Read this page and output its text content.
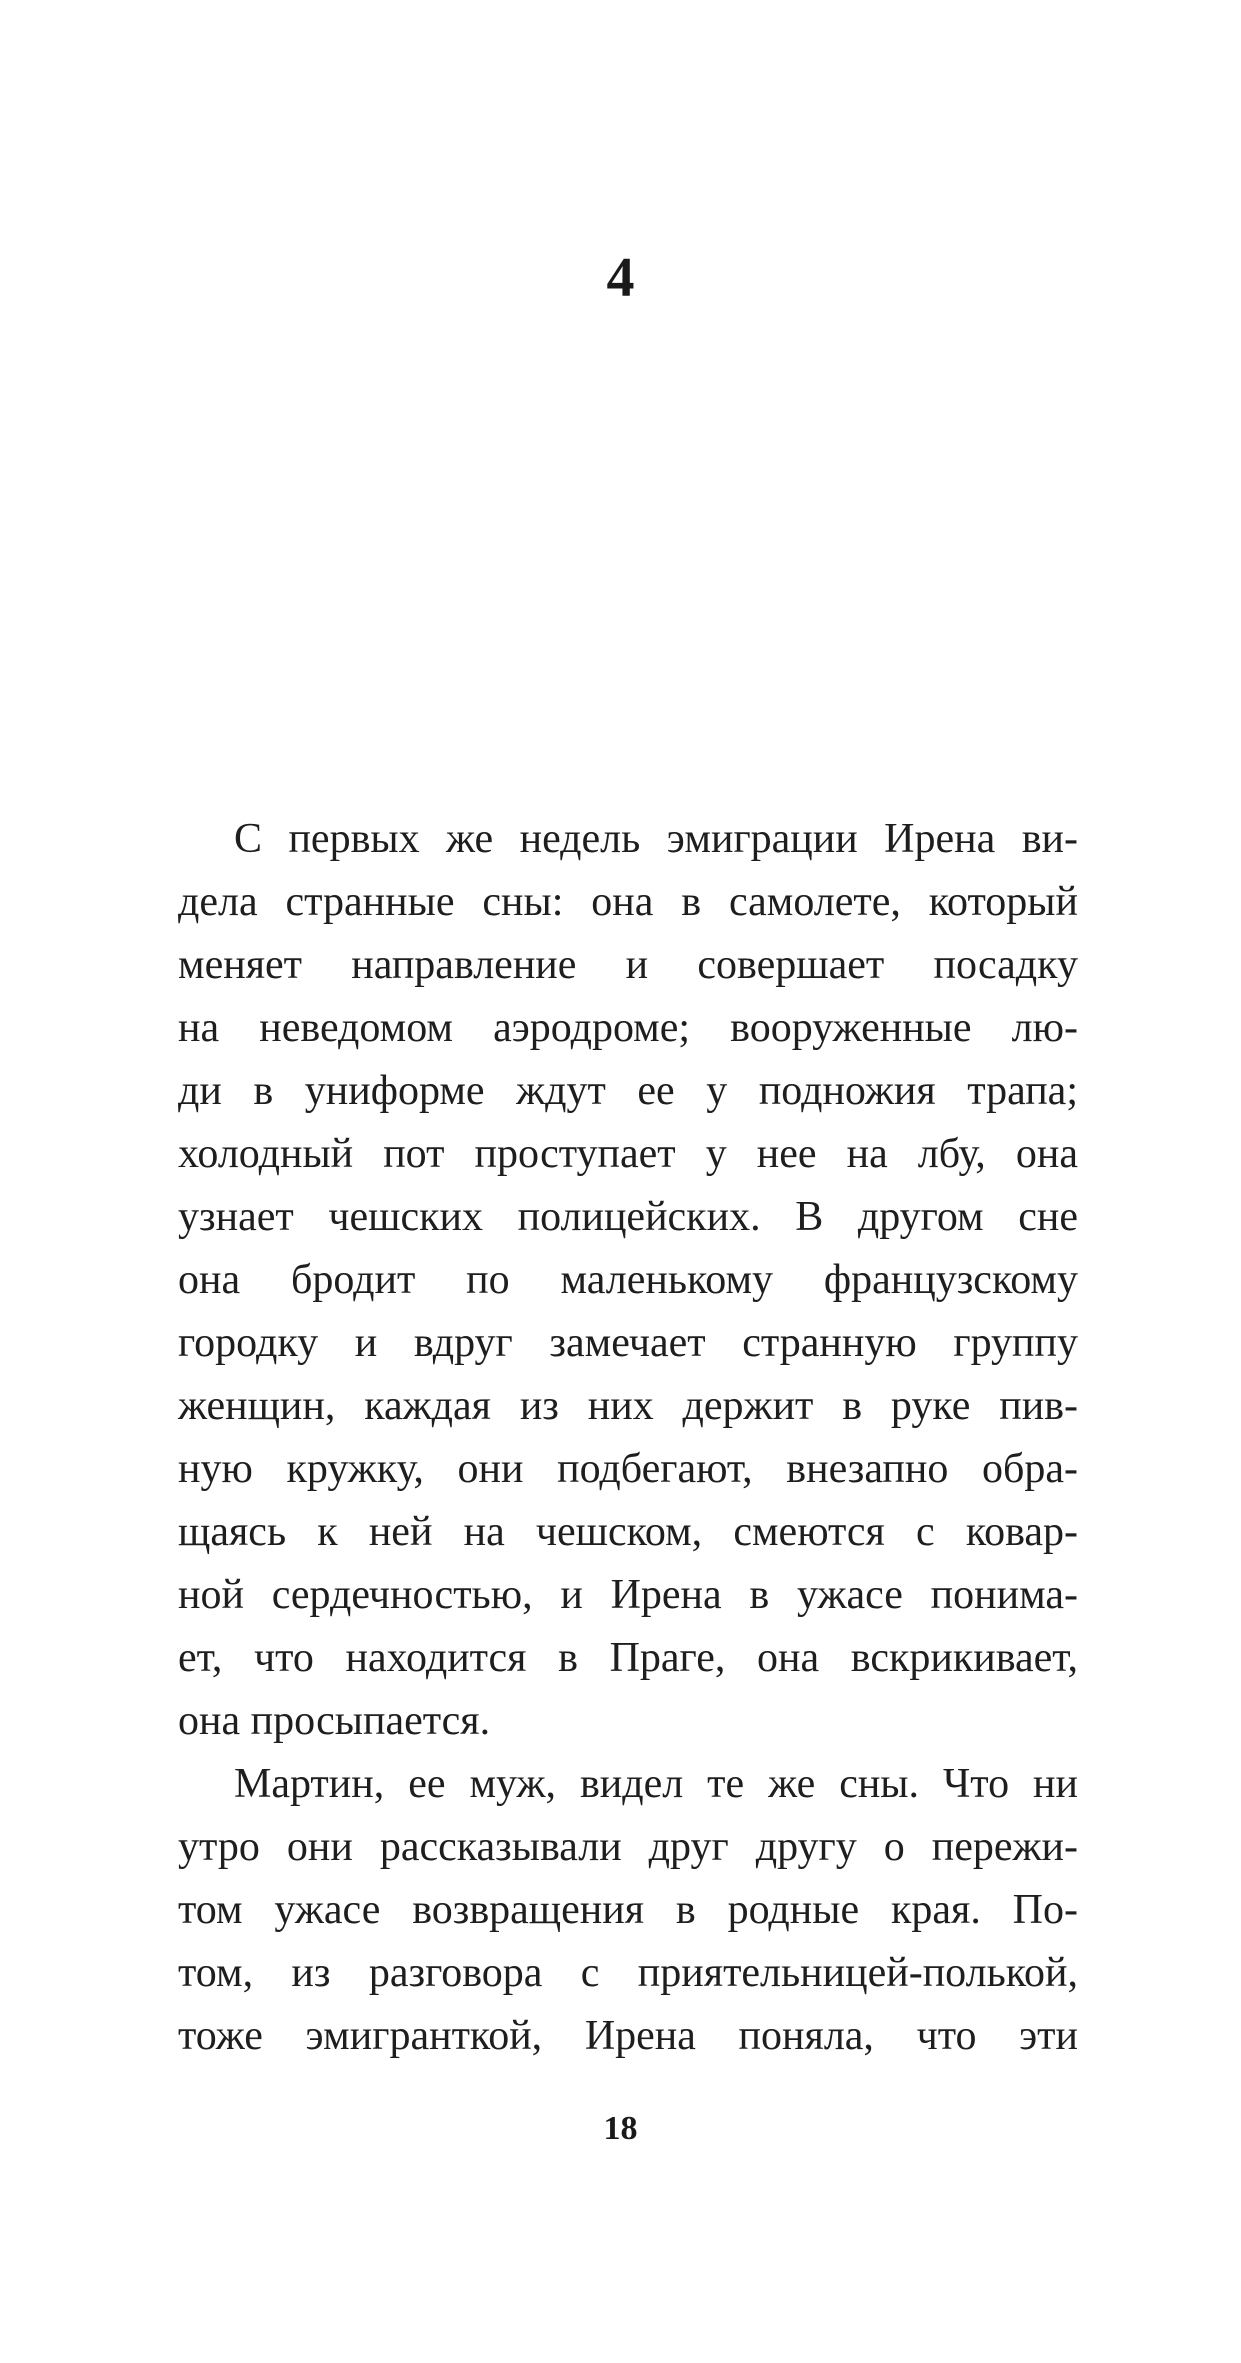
4

С первых же недель эмиграции Ирена ви-
дела странные сны: она в самолете, который
меняет направление и совершает посадку
на неведомом аэродроме; вооруженные лю-
ди в униформе ждут ее у подножия трапа;
холодный пот проступает у нее на лбу, она
узнает чешских полицейских. В другом сне
она бродит по маленькому французскому
городку и вдруг замечает странную группу
женщин, каждая из них держит в руке пив-
ную кружку, они подбегают, внезапно обра-
щаясь к ней на чешском, смеются с ковар-
ной сердечностью, и Ирена в ужасе понима-
ет, что находится в Праге, она вскрикивает,
она просыпается.

Мартин, ее муж, видел те же сны. Что ни
утро они рассказывали друг другу о пережи-
том ужасе возвращения в родные края. По-
том, из разговора с приятельницей-полькой,
тоже эмигранткой, Ирена поняла, что эти

18
